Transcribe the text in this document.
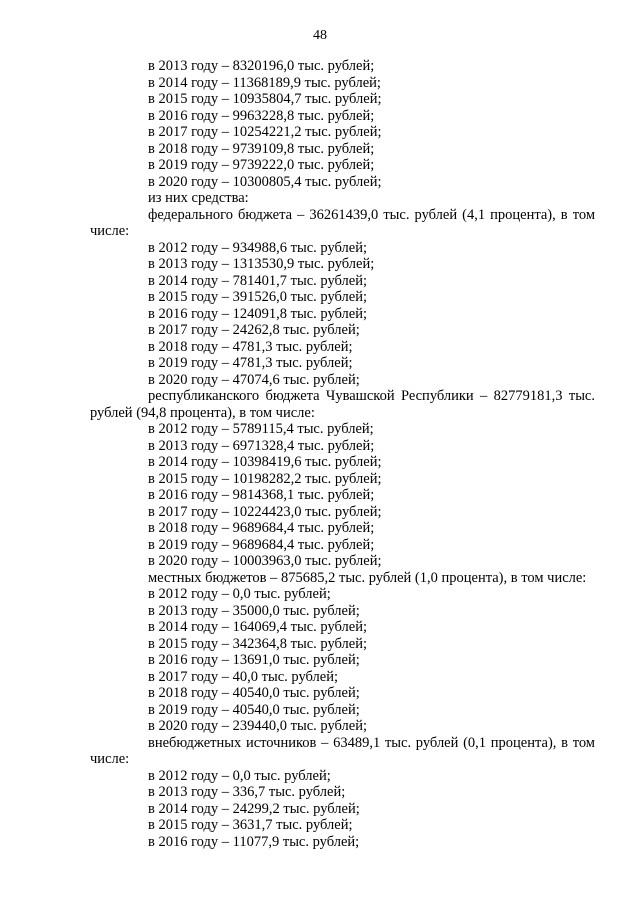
48
в 2013 году – 8320196,0 тыс. рублей;
в 2014 году – 11368189,9 тыс. рублей;
в 2015 году – 10935804,7 тыс. рублей;
в 2016 году – 9963228,8 тыс. рублей;
в 2017 году – 10254221,2 тыс. рублей;
в 2018 году – 9739109,8 тыс. рублей;
в 2019 году – 9739222,0 тыс. рублей;
в 2020 году – 10300805,4 тыс. рублей;
из них средства:
федерального бюджета – 36261439,0 тыс. рублей (4,1 процента), в том числе:
в 2012 году – 934988,6 тыс. рублей;
в 2013 году – 1313530,9 тыс. рублей;
в 2014 году – 781401,7 тыс. рублей;
в 2015 году – 391526,0 тыс. рублей;
в 2016 году – 124091,8 тыс. рублей;
в 2017 году – 24262,8 тыс. рублей;
в 2018 году – 4781,3 тыс. рублей;
в 2019 году – 4781,3 тыс. рублей;
в 2020 году – 47074,6 тыс. рублей;
республиканского бюджета Чувашской Республики – 82779181,3 тыс. рублей (94,8 процента), в том числе:
в 2012 году – 5789115,4 тыс. рублей;
в 2013 году – 6971328,4 тыс. рублей;
в 2014 году – 10398419,6 тыс. рублей;
в 2015 году – 10198282,2 тыс. рублей;
в 2016 году – 9814368,1 тыс. рублей;
в 2017 году – 10224423,0 тыс. рублей;
в 2018 году – 9689684,4 тыс. рублей;
в 2019 году – 9689684,4 тыс. рублей;
в 2020 году – 10003963,0 тыс. рублей;
местных бюджетов – 875685,2 тыс. рублей (1,0 процента), в том числе:
в 2012 году – 0,0 тыс. рублей;
в 2013 году – 35000,0 тыс. рублей;
в 2014 году – 164069,4 тыс. рублей;
в 2015 году – 342364,8 тыс. рублей;
в 2016 году – 13691,0 тыс. рублей;
в 2017 году – 40,0 тыс. рублей;
в 2018 году – 40540,0 тыс. рублей;
в 2019 году – 40540,0 тыс. рублей;
в 2020 году – 239440,0 тыс. рублей;
внебюджетных источников – 63489,1 тыс. рублей (0,1 процента), в том числе:
в 2012 году – 0,0 тыс. рублей;
в 2013 году – 336,7 тыс. рублей;
в 2014 году – 24299,2 тыс. рублей;
в 2015 году – 3631,7 тыс. рублей;
в 2016 году – 11077,9 тыс. рублей;
